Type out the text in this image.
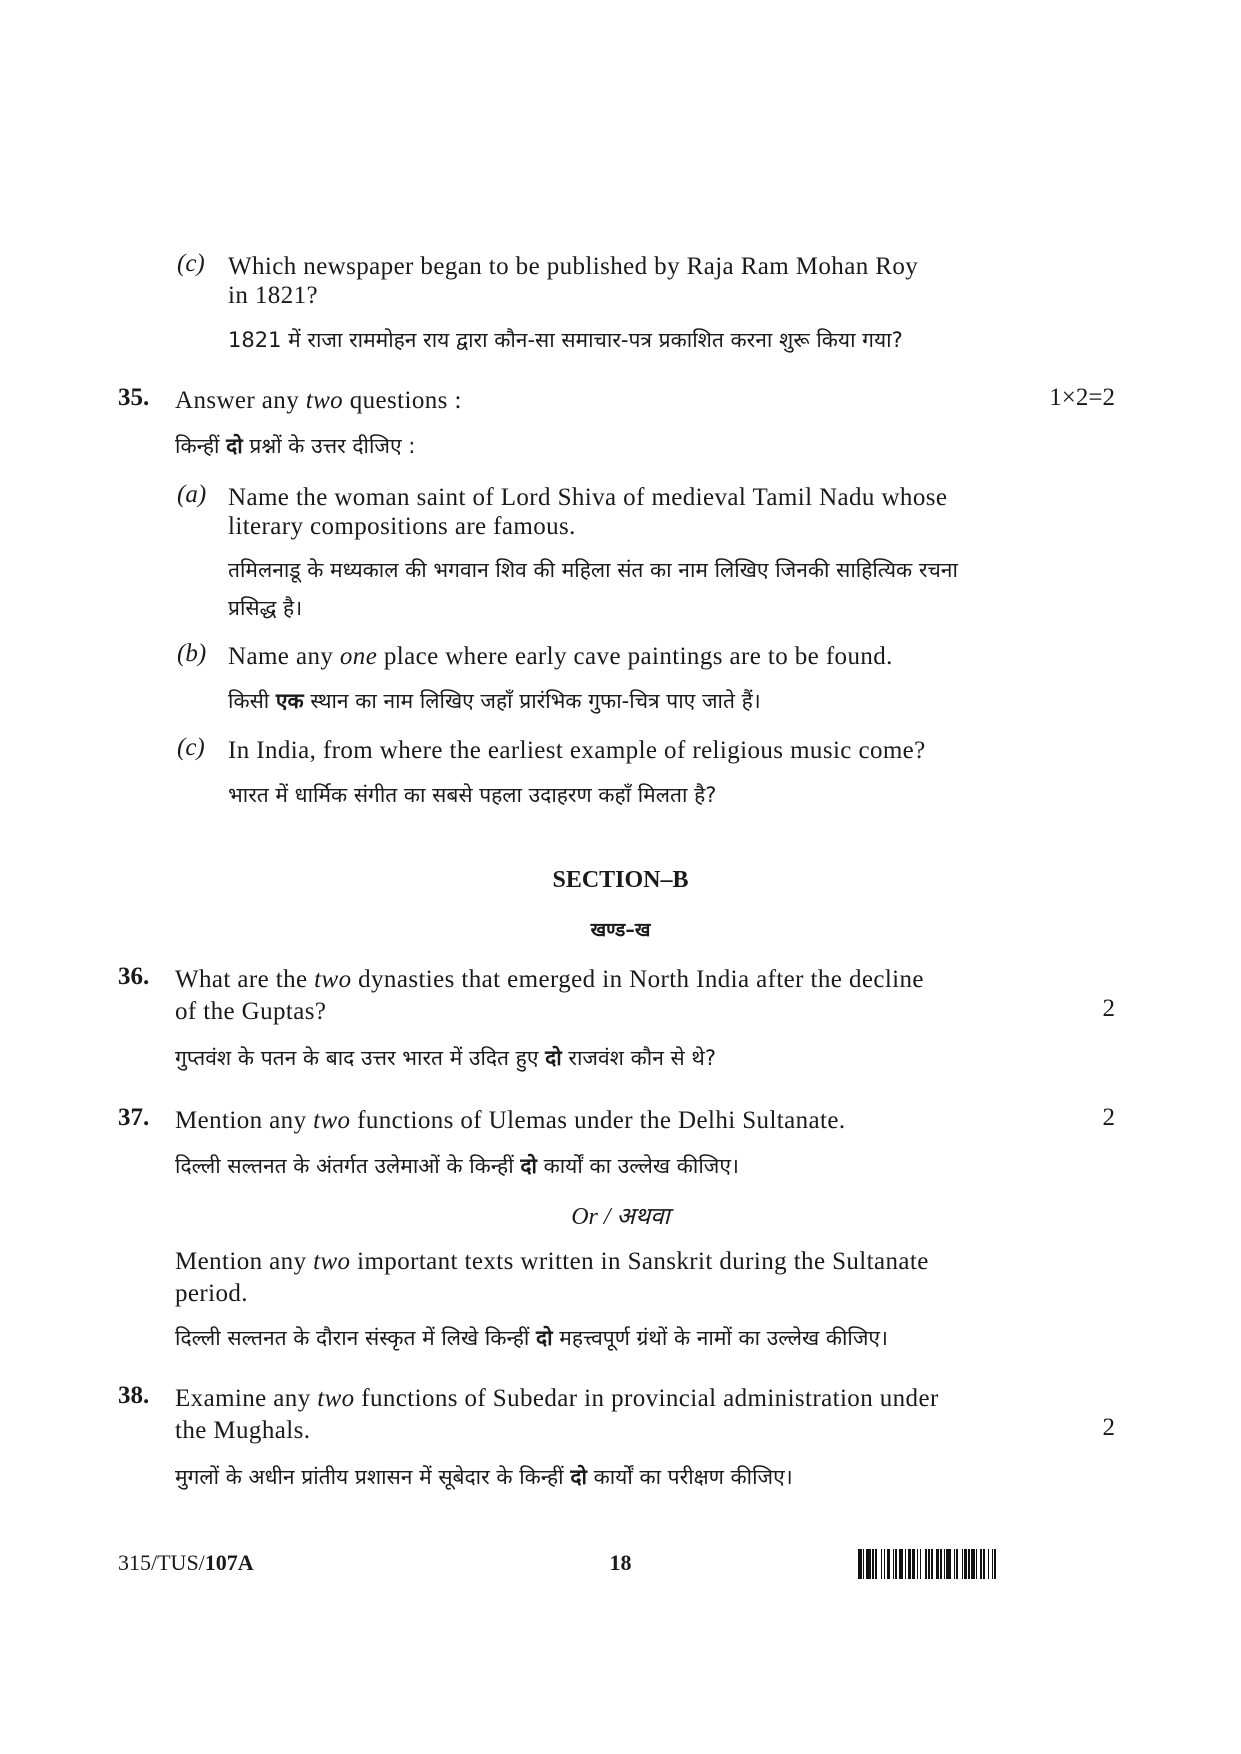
(c) Which newspaper began to be published by Raja Ram Mohan Roy
in 1821?
1821 में राजा राममोहन राय द्वारा कौन-सा समाचार-पत्र प्रकाशित करना शुरू किया गया?
35. Answer any two questions :	1×2=2
किन्हीं दो प्रश्नों के उत्तर दीजिए :
(a) Name the woman saint of Lord Shiva of medieval Tamil Nadu whose
literary compositions are famous.
तमिलनाडू के मध्यकाल की भगवान शिव की महिला संत का नाम लिखिए जिनकी साहित्यिक रचना
प्रसिद्ध है।
(b) Name any one place where early cave paintings are to be found.
किसी एक स्थान का नाम लिखिए जहाँ प्रारंभिक गुफा-चित्र पाए जाते हैं।
(c) In India, from where the earliest example of religious music come?
भारत में धार्मिक संगीत का सबसे पहला उदाहरण कहाँ मिलता है?
SECTION–B
खण्ड–ख
36. What are the two dynasties that emerged in North India after the decline
of the Guptas?	2
गुप्तवंश के पतन के बाद उत्तर भारत में उदित हुए दो राजवंश कौन से थे?
37. Mention any two functions of Ulemas under the Delhi Sultanate.	2
दिल्ली सल्तनत के अंतर्गत उलेमाओं के किन्हीं दो कार्यों का उल्लेख कीजिए।
Or / अथवा
Mention any two important texts written in Sanskrit during the Sultanate
period.
दिल्ली सल्तनत के दौरान संस्कृत में लिखे किन्हीं दो महत्त्वपूर्ण ग्रंथों के नामों का उल्लेख कीजिए।
38. Examine any two functions of Subedar in provincial administration under
the Mughals.	2
मुगलों के अधीन प्रांतीय प्रशासन में सूबेदार के किन्हीं दो कार्यों का परीक्षण कीजिए।
315/TUS/107A	18
